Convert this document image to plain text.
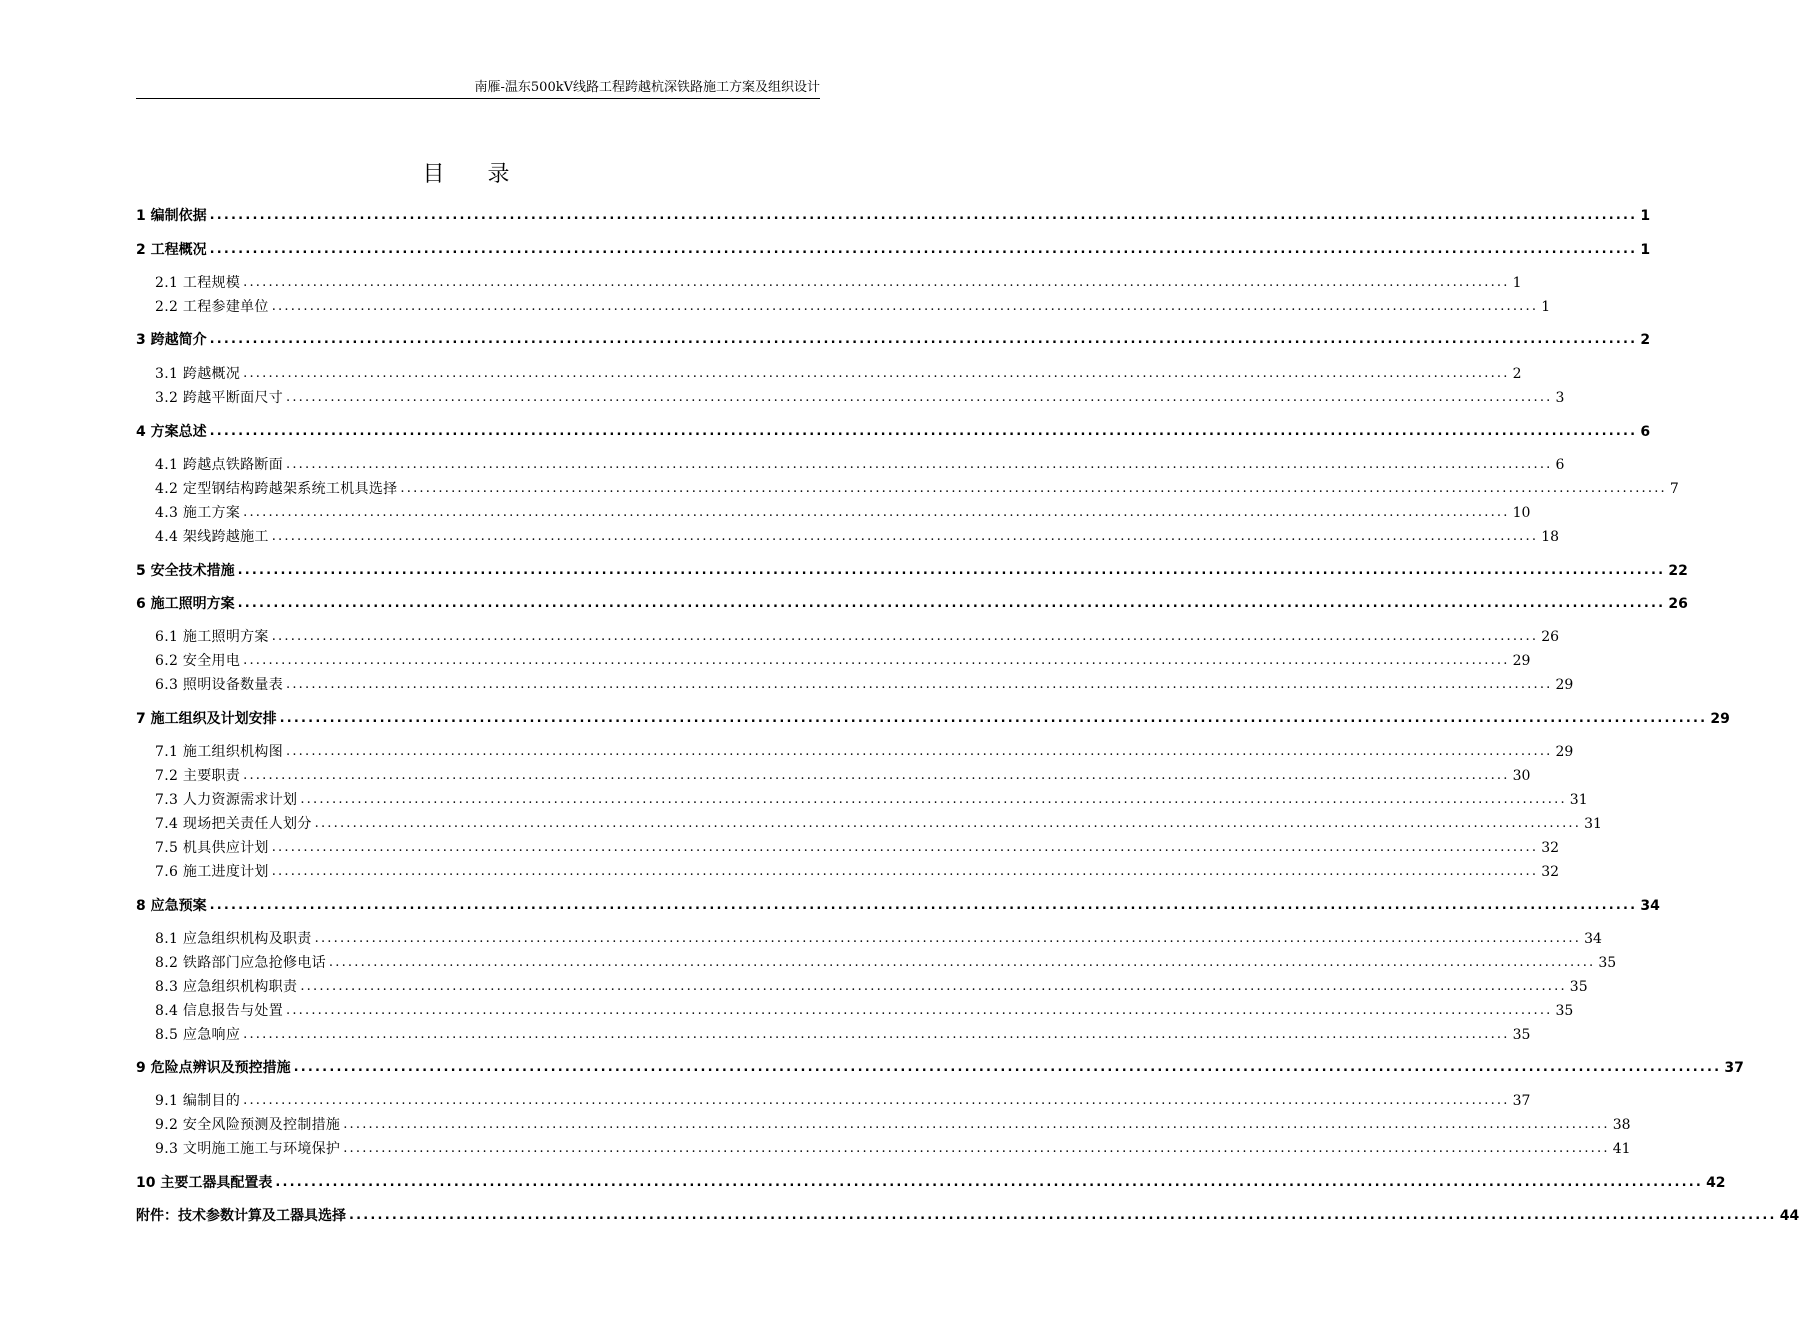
南雁-温东500kV线路工程跨越杭深铁路施工方案及组织设计
目 录
1 编制依据 ........................................................................................................................................................................................................ 1
2 工程概况 ........................................................................................................................................................................................................ 1
2.1 工程规模 ........................................................................................................................................................................................................ 1
2.2 工程参建单位 ........................................................................................................................................................................................................ 1
3 跨越简介 ........................................................................................................................................................................................................ 2
3.1 跨越概况 ........................................................................................................................................................................................................ 2
3.2 跨越平断面尺寸 ........................................................................................................................................................................................................ 3
4 方案总述 ........................................................................................................................................................................................................ 6
4.1 跨越点铁路断面 ........................................................................................................................................................................................................ 6
4.2 定型钢结构跨越架系统工机具选择 ........................................................................................................................................................................................................ 7
4.3 施工方案 ........................................................................................................................................................................................................ 10
4.4 架线跨越施工 ........................................................................................................................................................................................................ 18
5 安全技术措施 ........................................................................................................................................................................................................ 22
6 施工照明方案 ........................................................................................................................................................................................................ 26
6.1 施工照明方案 ........................................................................................................................................................................................................ 26
6.2 安全用电 ........................................................................................................................................................................................................ 29
6.3 照明设备数量表 ........................................................................................................................................................................................................ 29
7 施工组织及计划安排 ........................................................................................................................................................................................................ 29
7.1 施工组织机构图 ........................................................................................................................................................................................................ 29
7.2 主要职责 ........................................................................................................................................................................................................ 30
7.3 人力资源需求计划 ........................................................................................................................................................................................................ 31
7.4 现场把关责任人划分 ........................................................................................................................................................................................................ 31
7.5 机具供应计划 ........................................................................................................................................................................................................ 32
7.6 施工进度计划 ........................................................................................................................................................................................................ 32
8 应急预案 ........................................................................................................................................................................................................ 34
8.1 应急组织机构及职责 ........................................................................................................................................................................................................ 34
8.2 铁路部门应急抢修电话 ........................................................................................................................................................................................................ 35
8.3 应急组织机构职责 ........................................................................................................................................................................................................ 35
8.4 信息报告与处置 ........................................................................................................................................................................................................ 35
8.5 应急响应 ........................................................................................................................................................................................................ 35
9 危险点辨识及预控措施 ........................................................................................................................................................................................................ 37
9.1 编制目的 ........................................................................................................................................................................................................ 37
9.2 安全风险预测及控制措施 ........................................................................................................................................................................................................ 38
9.3 文明施工施工与环境保护 ........................................................................................................................................................................................................ 41
10 主要工器具配置表 ........................................................................................................................................................................................................ 42
附件：技术参数计算及工器具选择 ........................................................................................................................................................................................................ 44
